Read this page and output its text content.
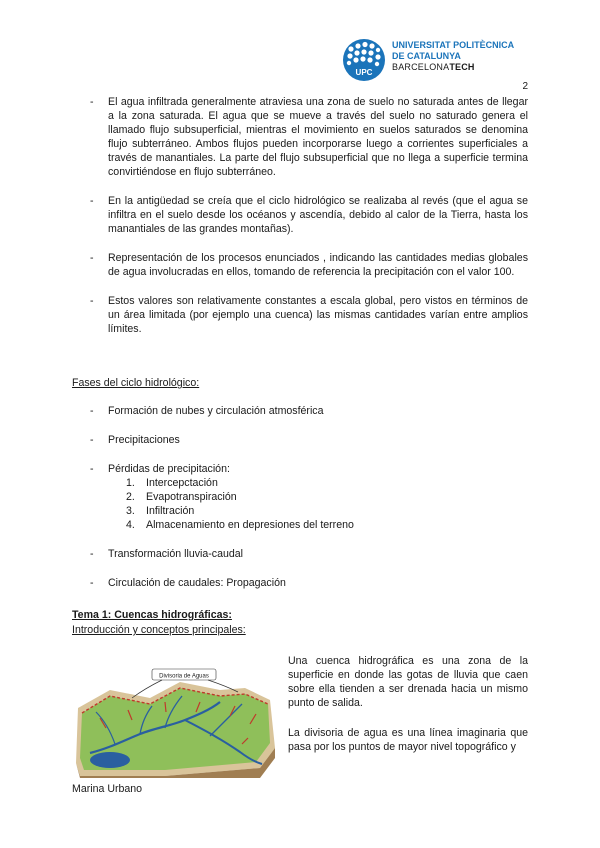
UPC
UNIVERSITAT POLITÈCNICA
DE CATALUNYA
BARCELONATECH
2
- El agua infiltrada generalmente atraviesa una zona de suelo no saturada antes de llegar a la zona saturada. El agua que se mueve a través del suelo no saturado genera el llamado flujo subsuperficial, mientras el movimiento en suelos saturados se denomina flujo subterráneo. Ambos flujos pueden incorporarse luego a corrientes superficiales a través de manantiales. La parte del flujo subsuperficial que no llega a superficie termina convirtiéndose en flujo subterráneo.
- En la antigüedad se creía que el ciclo hidrológico se realizaba al revés (que el agua se infiltra en el suelo desde los océanos y ascendía, debido al calor de la Tierra, hasta los manantiales de las grandes montañas).
- Representación de los procesos enunciados , indicando las cantidades medias globales de agua involucradas en ellos, tomando de referencia la precipitación con el valor 100.
- Estos valores son relativamente constantes a escala global, pero vistos en términos de un área limitada (por ejemplo una cuenca) las mismas cantidades varían entre amplios límites.
Fases del ciclo hidrológico:
- Formación de nubes y circulación atmosférica
- Precipitaciones
- Pérdidas de precipitación:
1. Intercepctación
2. Evapotranspiración
3. Infiltración
4. Almacenamiento en depresiones del terreno
- Transformación lluvia-caudal
- Circulación de caudales: Propagación
Tema 1: Cuencas hidrográficas:
Introducción y conceptos principales:
Divisoria de Aguas
Una cuenca hidrográfica es una zona de la superficie en donde las gotas de lluvia que caen sobre ella tienden a ser drenada hacia un mismo punto de salida.
La divisoria de agua es una línea imaginaria que pasa por los puntos de mayor nivel topográfico y
Marina Urbano
